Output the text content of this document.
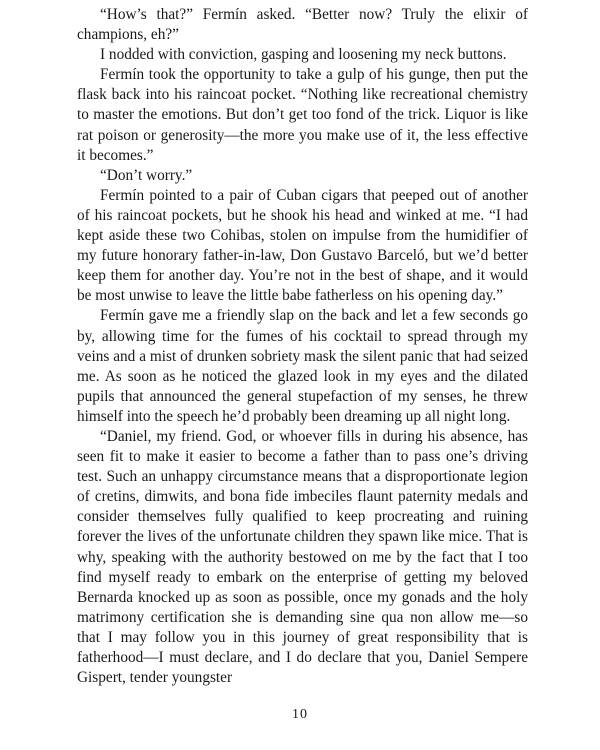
“How’s that?” Fermín asked. “Better now? Truly the elixir of champions, eh?”

I nodded with conviction, gasping and loosening my neck buttons.

Fermín took the opportunity to take a gulp of his gunge, then put the flask back into his raincoat pocket. “Nothing like recreational chemistry to master the emotions. But don’t get too fond of the trick. Liquor is like rat poison or generosity—the more you make use of it, the less effective it becomes.”

“Don’t worry.”

Fermín pointed to a pair of Cuban cigars that peeped out of another of his raincoat pockets, but he shook his head and winked at me. “I had kept aside these two Cohibas, stolen on impulse from the humidifier of my future honorary father-in-law, Don Gustavo Barceló, but we’d better keep them for another day. You’re not in the best of shape, and it would be most unwise to leave the little babe fatherless on his opening day.”

Fermín gave me a friendly slap on the back and let a few seconds go by, allowing time for the fumes of his cocktail to spread through my veins and a mist of drunken sobriety mask the silent panic that had seized me. As soon as he noticed the glazed look in my eyes and the dilated pupils that announced the general stupefaction of my senses, he threw himself into the speech he’d probably been dreaming up all night long.

“Daniel, my friend. God, or whoever fills in during his absence, has seen fit to make it easier to become a father than to pass one’s driving test. Such an unhappy circumstance means that a disproportionate legion of cretins, dimwits, and bona fide imbeciles flaunt paternity medals and consider themselves fully qualified to keep procreating and ruining forever the lives of the unfortunate children they spawn like mice. That is why, speaking with the authority bestowed on me by the fact that I too find myself ready to embark on the enterprise of getting my beloved Bernarda knocked up as soon as possible, once my gonads and the holy matrimony certification she is demanding sine qua non allow me—so that I may follow you in this journey of great responsibility that is fatherhood—I must declare, and I do declare that you, Daniel Sempere Gispert, tender youngster

10
